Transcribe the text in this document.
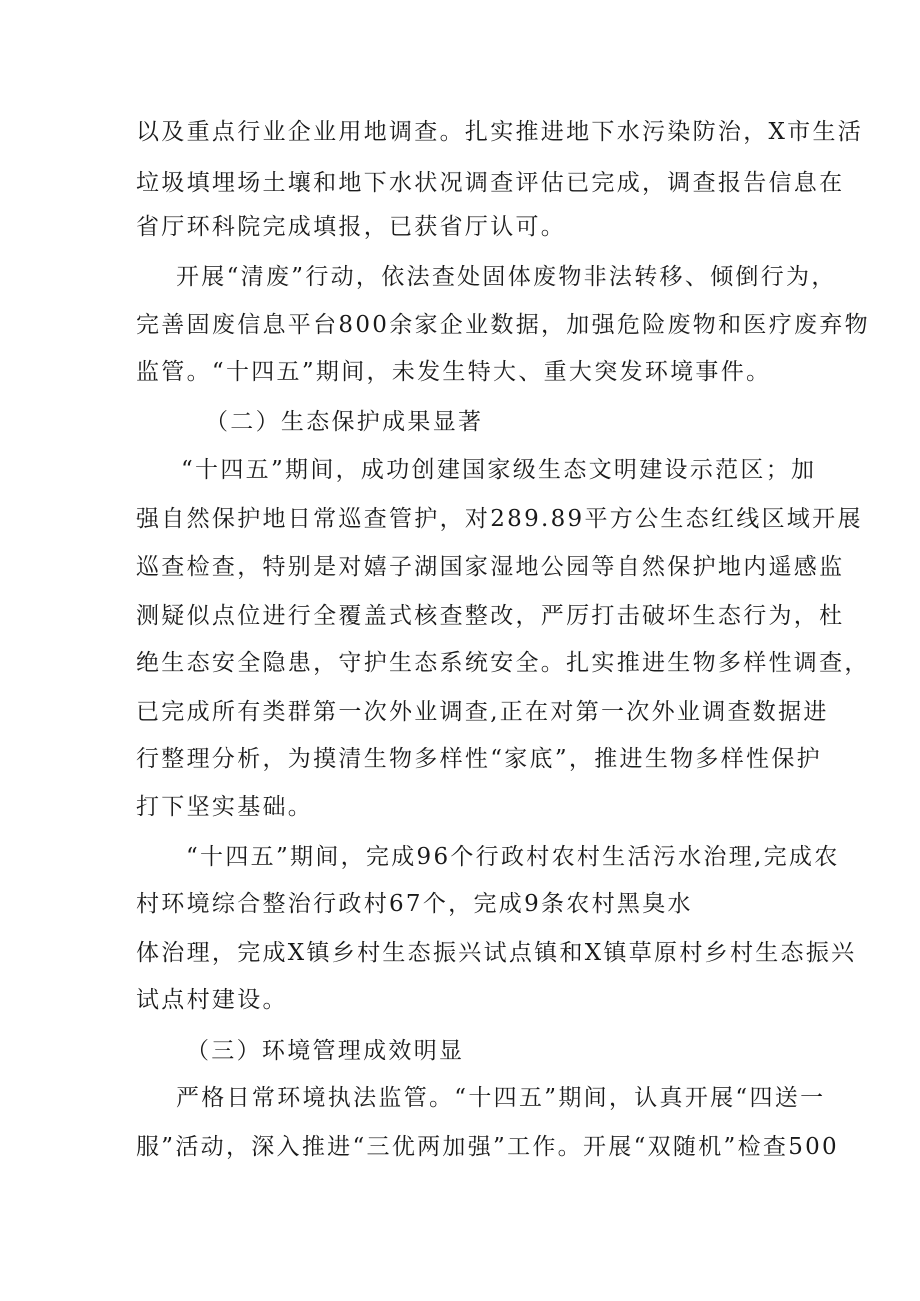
以及重点行业企业用地调查。扎实推进地下水污染防治，X市生活

垃圾填埋场土壤和地下水状况调查评估已完成，调查报告信息在

省厅环科院完成填报，已获省厅认可。

开展“清废”行动，依法查处固体废物非法转移、倾倒行为，

完善固废信息平台800余家企业数据，加强危险废物和医疗废弃物

监管。“十四五”期间，未发生特大、重大突发环境事件。

（二）生态保护成果显著

“十四五”期间，成功创建国家级生态文明建设示范区；加

强自然保护地日常巡查管护，对289.89平方公生态红线区域开展

巡查检查，特别是对嬉子湖国家湿地公园等自然保护地内遥感监

测疑似点位进行全覆盖式核查整改，严厉打击破坏生态行为，杜

绝生态安全隐患，守护生态系统安全。扎实推进生物多样性调查，

已完成所有类群第一次外业调查,正在对第一次外业调查数据进

行整理分析，为摸清生物多样性“家底”，推进生物多样性保护

打下坚实基础。

“十四五”期间，完成96个行政村农村生活污水治理,完成农

村环境综合整治行政村67个，完成9条农村黑臭水

体治理，完成X镇乡村生态振兴试点镇和X镇草原村乡村生态振兴

试点村建设。

（三）环境管理成效明显

严格日常环境执法监管。“十四五”期间，认真开展“四送一

服”活动，深入推进“三优两加强”工作。开展“双随机”检查500
